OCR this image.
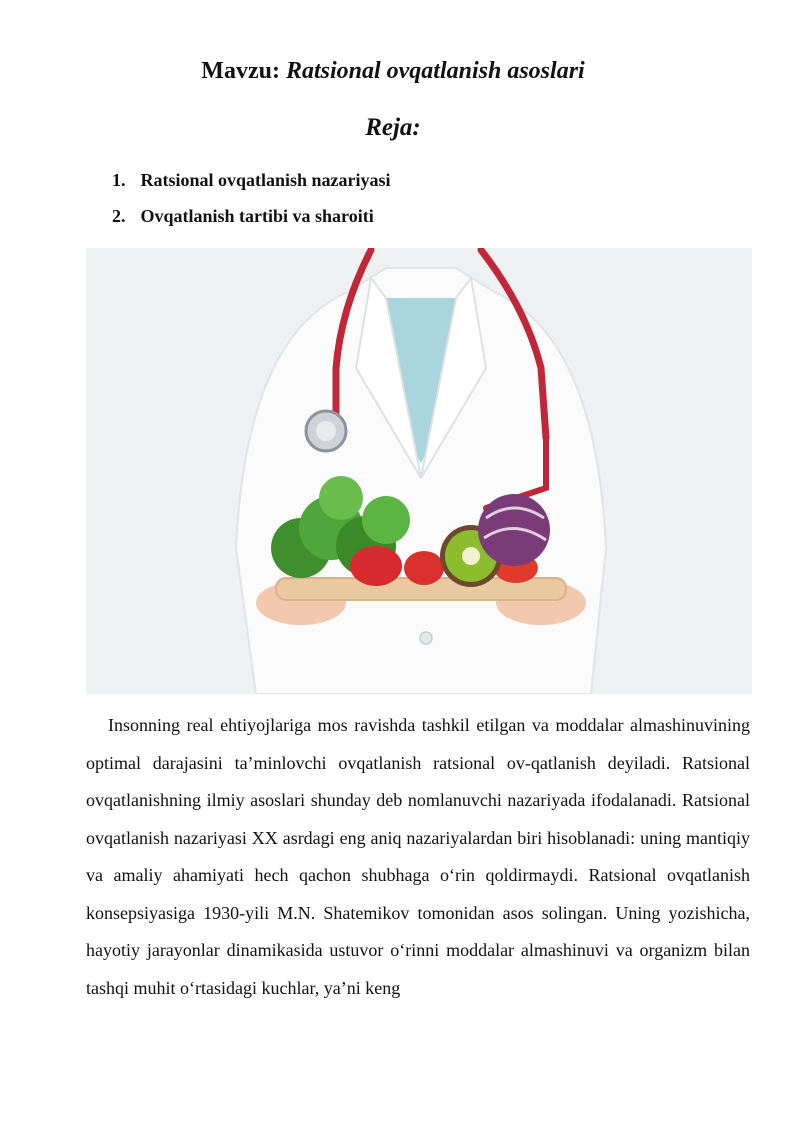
Mavzu: Ratsional ovqatlanish asoslari
Reja:
1. Ratsional ovqatlanish nazariyasi
2. Ovqatlanish tartibi va sharoiti

Insonning real ehtiyojlariga mos ravishda tashkil etilgan va moddalar almashinuvining optimal darajasini ta’minlovchi ovqatlanish ratsional ov-qatlanish deyiladi. Ratsional ovqatlanishning ilmiy asoslari shunday deb nomlanuvchi nazariyada ifodalanadi. Ratsional ovqatlanish nazariyasi XX asrdagi eng aniq nazariyalardan biri hisoblanadi: uning mantiqiy va amaliy ahamiyati hech qachon shubhaga o‘rin qoldirmaydi. Ratsional ovqatlanish konsepsiyasiga 1930-yili M.N. Shatemikov tomonidan asos solingan. Uning yozishicha, hayotiy jarayonlar dinamikasida ustuvor o‘rinni moddalar almashinuvi va organizm bilan tashqi muhit o‘rtasidagi kuchlar, ya’ni keng
